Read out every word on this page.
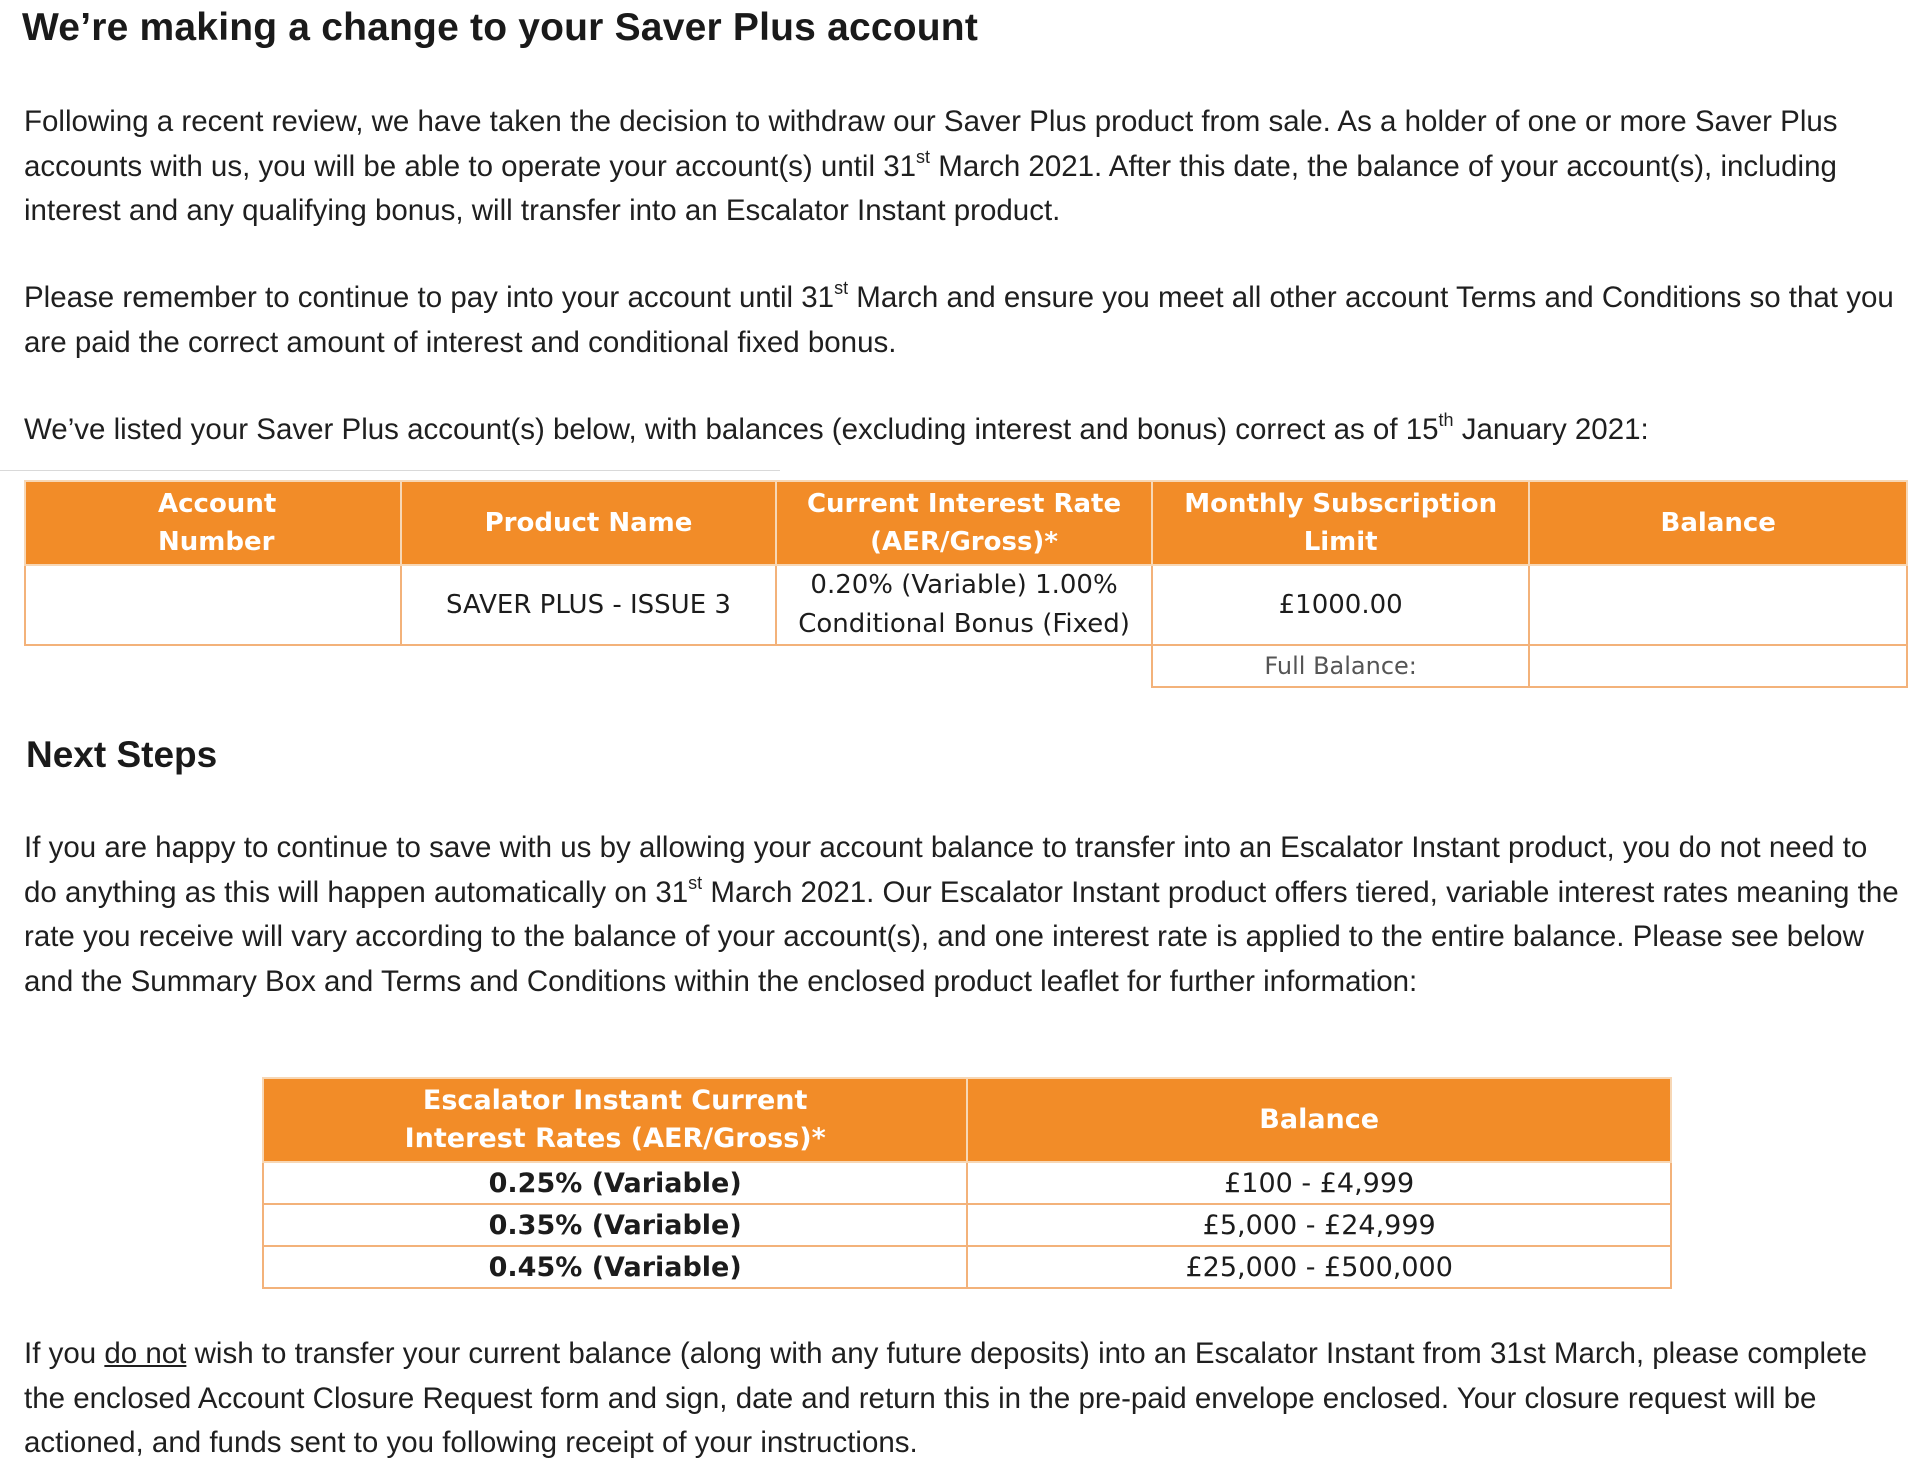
We’re making a change to your Saver Plus account

Following a recent review, we have taken the decision to withdraw our Saver Plus product from sale. As a holder of one or more Saver Plus accounts with us, you will be able to operate your account(s) until 31st March 2021. After this date, the balance of your account(s), including interest and any qualifying bonus, will transfer into an Escalator Instant product.

Please remember to continue to pay into your account until 31st March and ensure you meet all other account Terms and Conditions so that you are paid the correct amount of interest and conditional fixed bonus.

We’ve listed your Saver Plus account(s) below, with balances (excluding interest and bonus) correct as of 15th January 2021:

Account Number	Product Name	Current Interest Rate (AER/Gross)*	Monthly Subscription Limit	Balance
	SAVER PLUS - ISSUE 3	0.20% (Variable) 1.00% Conditional Bonus (Fixed)	£1000.00	
			Full Balance:	
Next Steps

If you are happy to continue to save with us by allowing your account balance to transfer into an Escalator Instant product, you do not need to do anything as this will happen automatically on 31st March 2021. Our Escalator Instant product offers tiered, variable interest rates meaning the rate you receive will vary according to the balance of your account(s), and one interest rate is applied to the entire balance. Please see below and the Summary Box and Terms and Conditions within the enclosed product leaflet for further information:

Escalator Instant Current Interest Rates (AER/Gross)*	Balance
0.25% (Variable)	£100 - £4,999
0.35% (Variable)	£5,000 - £24,999
0.45% (Variable)	£25,000 - £500,000

If you do not wish to transfer your current balance (along with any future deposits) into an Escalator Instant from 31st March, please complete the enclosed Account Closure Request form and sign, date and return this in the pre-paid envelope enclosed. Your closure request will be actioned, and funds sent to you following receipt of your instructions.
